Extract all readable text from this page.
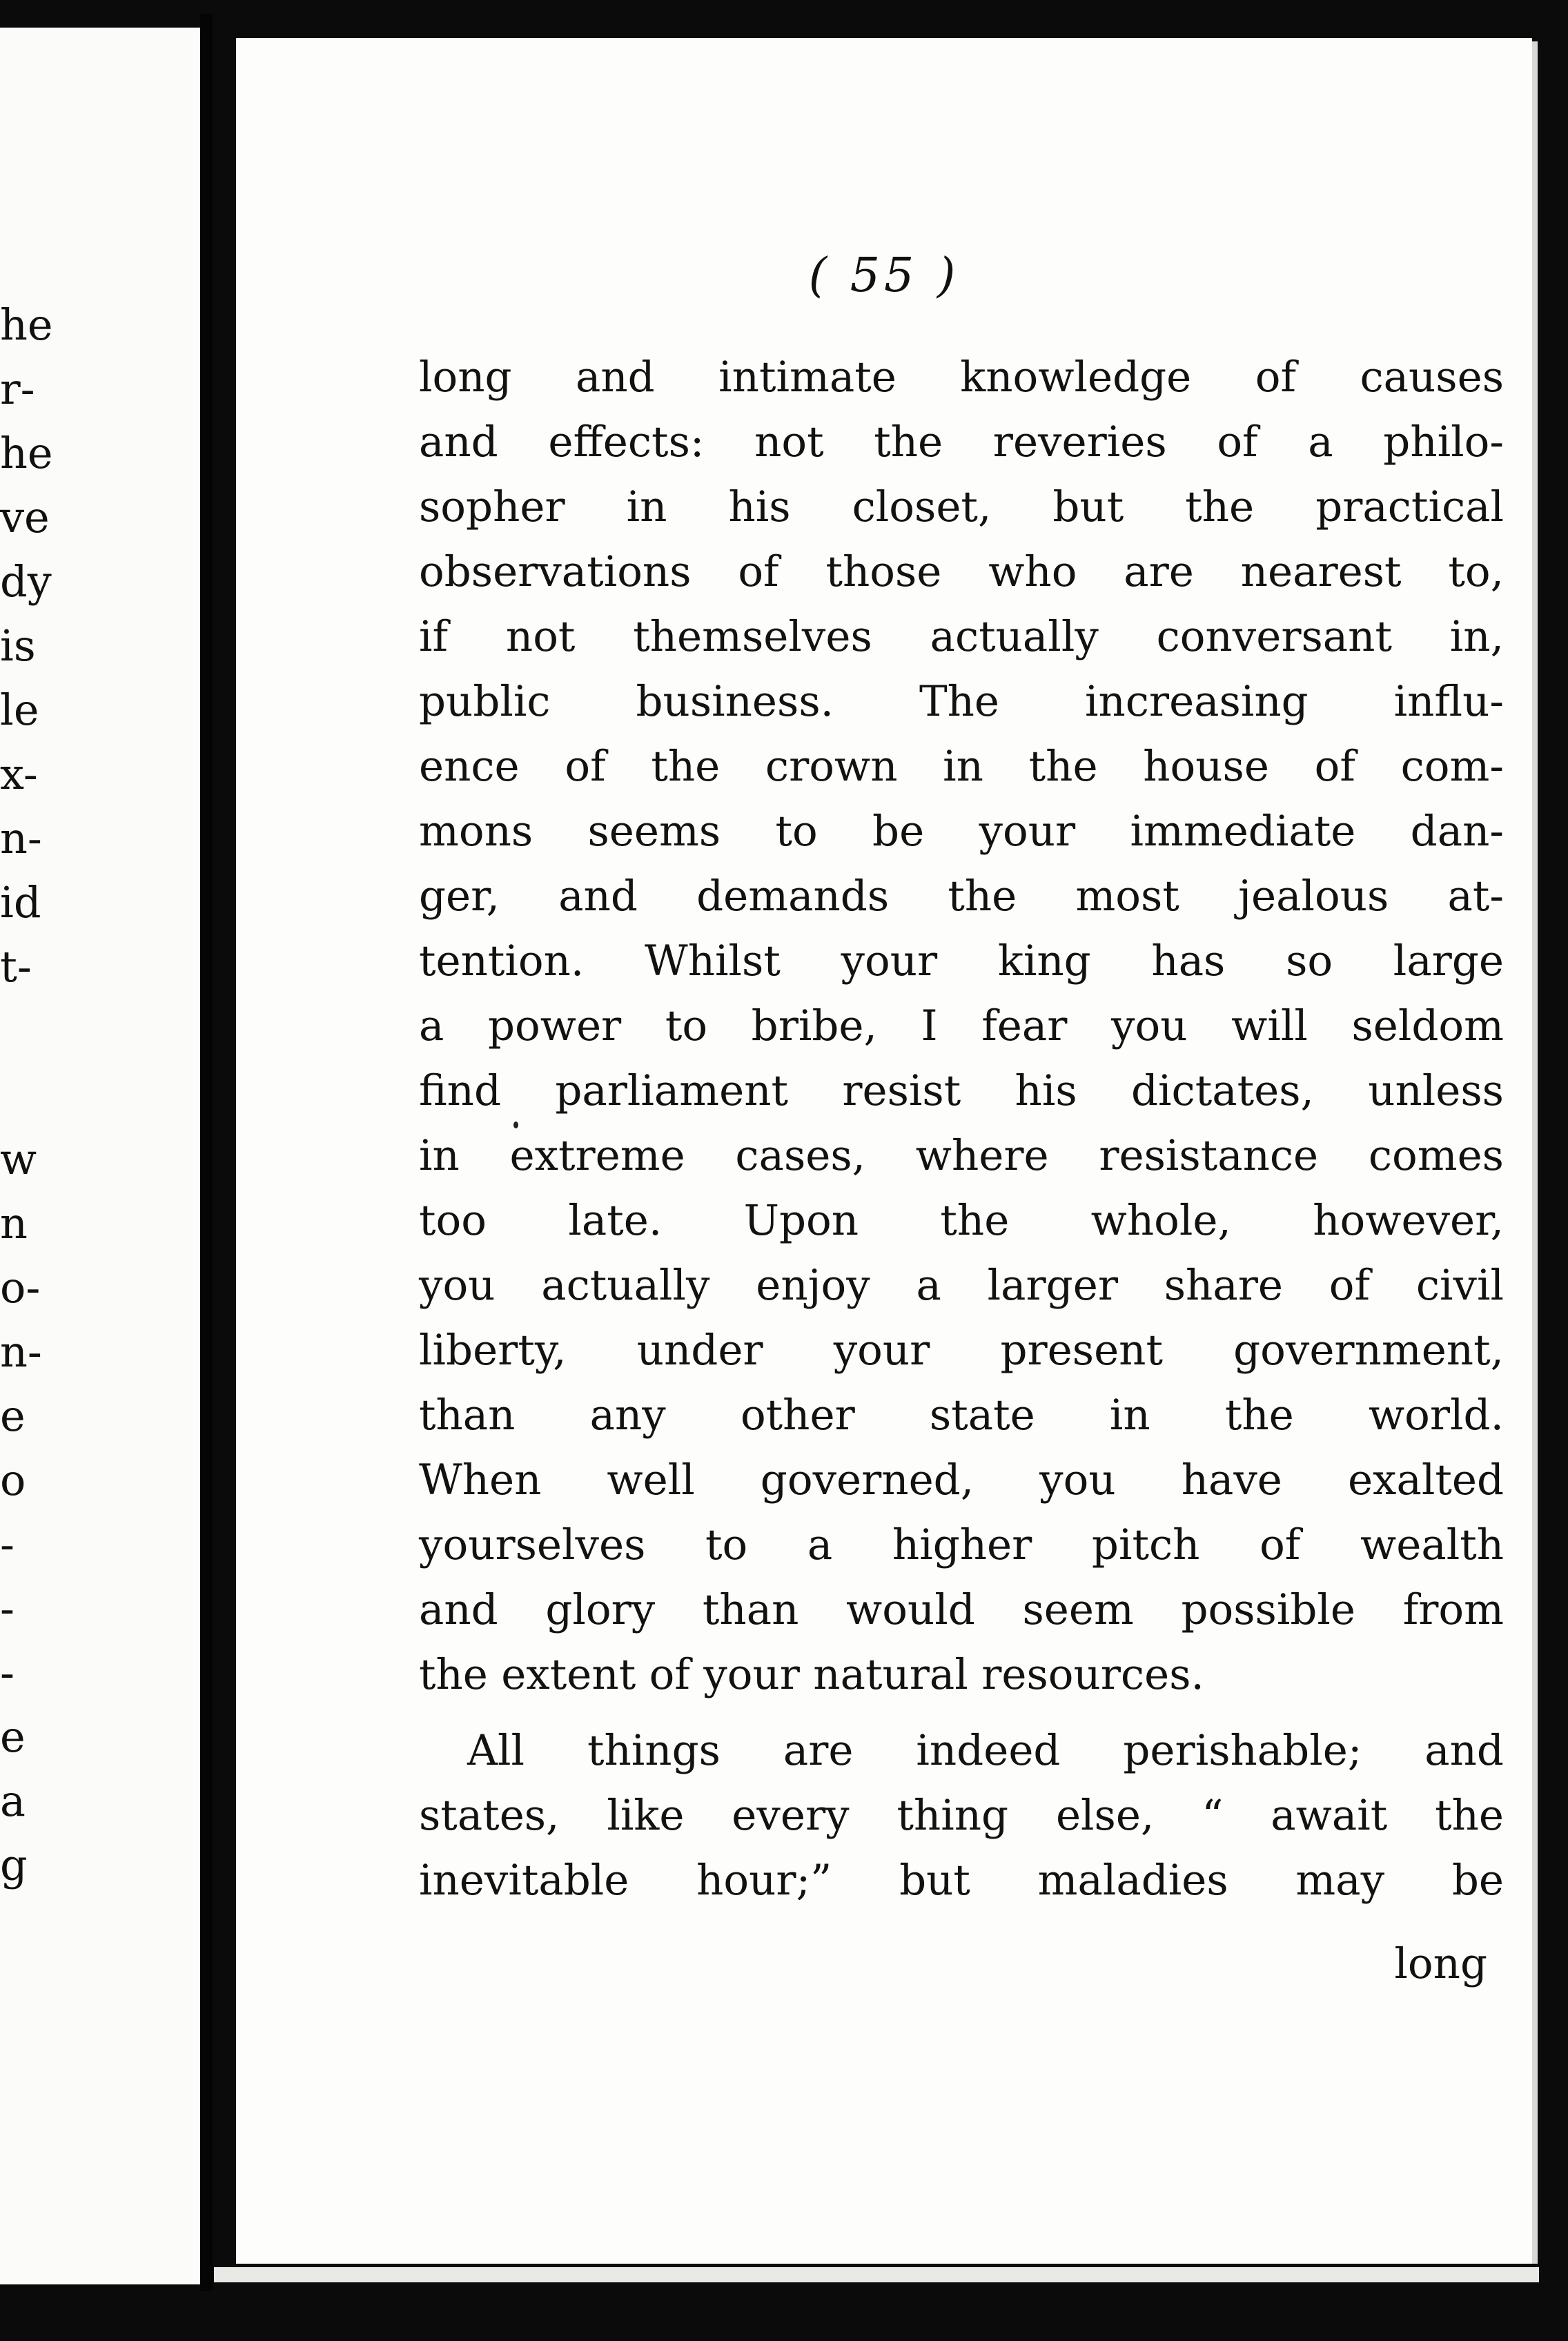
he
r-
he
ve
dy
is
le
x-
n-
id
t-
w
n
o-
n-
e
o
-
-
-
e
a
g
( 55 )
long and intimate knowledge of causes
and effects: not the reveries of a philo-
sopher in his closet, but the practical
observations of those who are nearest to,
if not themselves actually conversant in,
public business. The increasing influ-
ence of the crown in the house of com-
mons seems to be your immediate dan-
ger, and demands the most jealous at-
tention. Whilst your king has so large
a power to bribe, I fear you will seldom
find parliament resist his dictates, unless
in extreme cases, where resistance comes
too late. Upon the whole, however,
you actually enjoy a larger share of civil
liberty, under your present government,
than any other state in the world.
When well governed, you have exalted
yourselves to a higher pitch of wealth
and glory than would seem possible from
the extent of your natural resources.
All things are indeed perishable; and
states, like every thing else, “ await the
inevitable hour;” but maladies may be
long
